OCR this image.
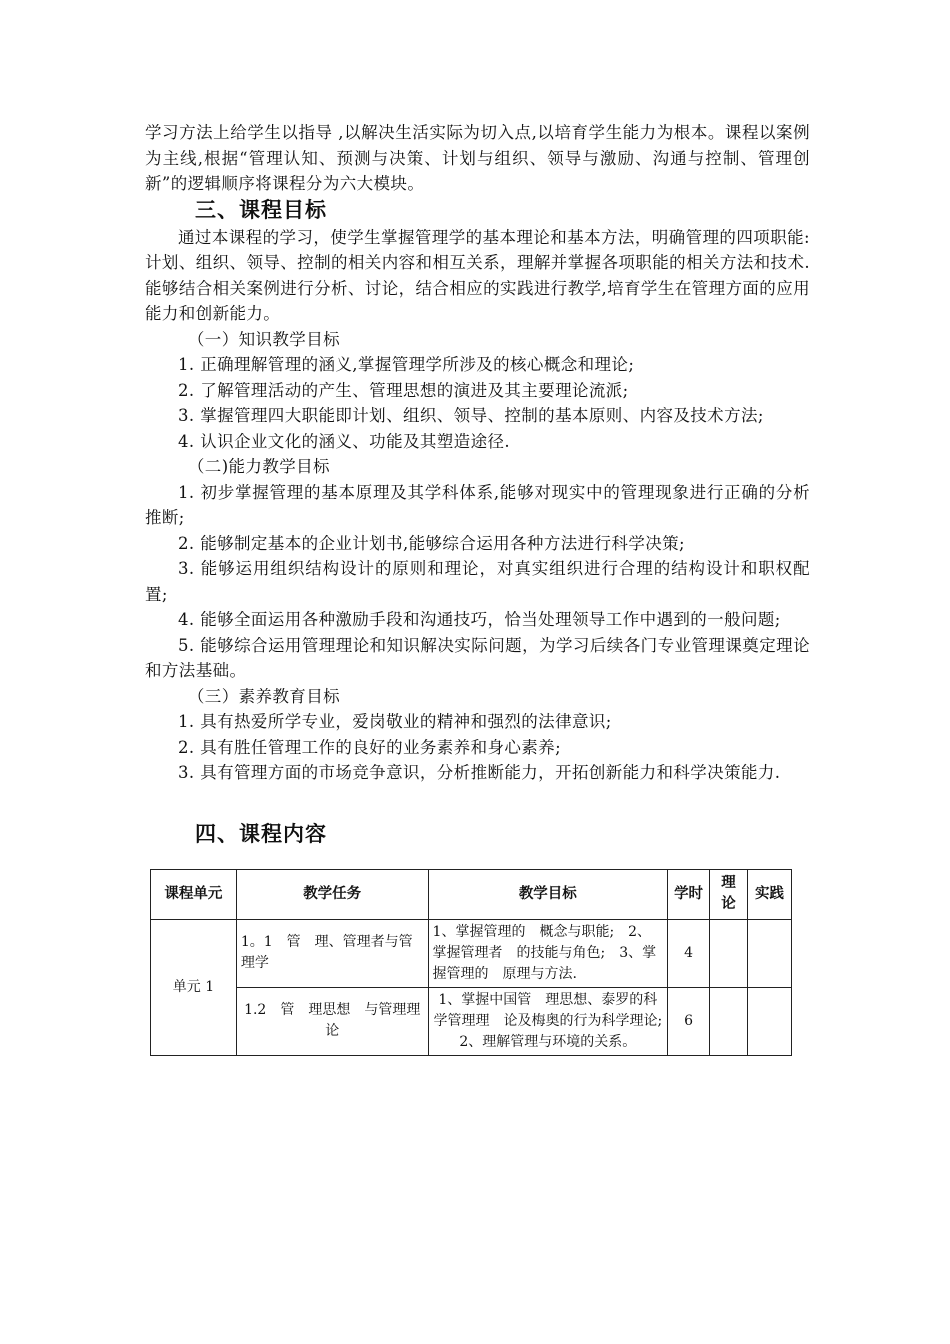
学习方法上给学生以指导 ,以解决生活实际为切入点,以培育学生能力为根本。课程以案例为主线,根据“管理认知、预测与决策、计划与组织、领导与激励、沟通与控制、管理创新”的逻辑顺序将课程分为六大模块。

三、课程目标

通过本课程的学习，使学生掌握管理学的基本理论和基本方法，明确管理的四项职能:计划、组织、领导、控制的相关内容和相互关系，理解并掌握各项职能的相关方法和技术.能够结合相关案例进行分析、讨论，结合相应的实践进行教学,培育学生在管理方面的应用能力和创新能力。

（一）知识教学目标

1. 正确理解管理的涵义,掌握管理学所涉及的核心概念和理论;

2. 了解管理活动的产生、管理思想的演进及其主要理论流派;

3. 掌握管理四大职能即计划、组织、领导、控制的基本原则、内容及技术方法;

4. 认识企业文化的涵义、功能及其塑造途径.

（二)能力教学目标

1. 初步掌握管理的基本原理及其学科体系,能够对现实中的管理现象进行正确的分析推断;

2. 能够制定基本的企业计划书,能够综合运用各种方法进行科学决策;

3. 能够运用组织结构设计的原则和理论，对真实组织进行合理的结构设计和职权配置;

4. 能够全面运用各种激励手段和沟通技巧，恰当处理领导工作中遇到的一般问题;

5. 能够综合运用管理理论和知识解决实际问题，为学习后续各门专业管理课奠定理论和方法基础。

（三）素养教育目标

1. 具有热爱所学专业，爱岗敬业的精神和强烈的法律意识;

2. 具有胜任管理工作的良好的业务素养和身心素养;

3. 具有管理方面的市场竞争意识，分析推断能力，开拓创新能力和科学决策能力.

四、课程内容
课程单元	教学任务	教学目标	学时	理论	实践
单元 1	1。1　管　理、管理者与管理学	1、掌握管理的　概念与职能;　2、掌握管理者　的技能与角色;　3、掌握管理的　原理与方法.	4		
	1.2　管　理思想　与管理理论	1、掌握中国管　理思想、泰罗的科学管理理　论及梅奥的行为科学理论;　2、理解管理与环境的关系。	6		
